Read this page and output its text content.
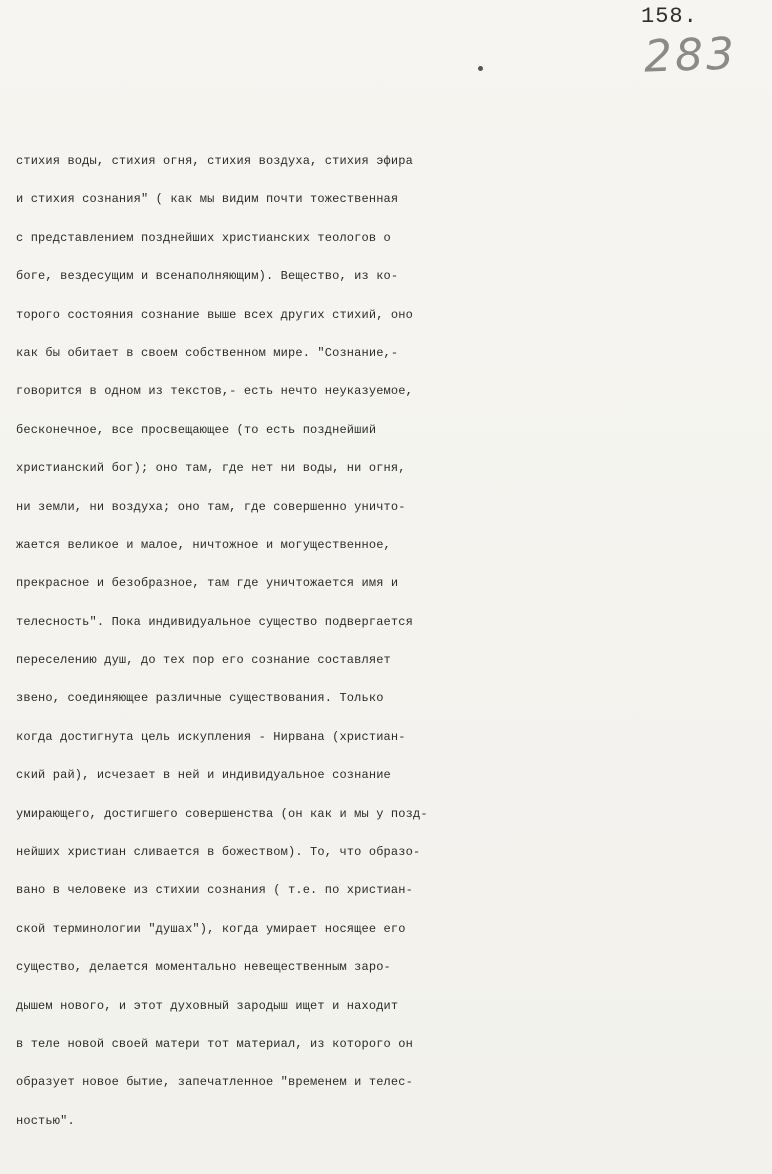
158.
283
стихия воды, стихия огня, стихия воздуха, стихия эфира
и стихия сознания" ( как мы видим почти тожественная
с представлением позднейших христианских теологов о
боге, вездесущим и всенаполняющим). Вещество, из ко-
торого состояния сознание выше всех других стихий, оно
как бы обитает в своем собственном мире. "Сознание,-
говорится в одном из текстов,- есть нечто неуказуемое,
бесконечное, все просвещающее (то есть позднейший
христианский бог); оно там, где нет ни воды, ни огня,
ни земли, ни воздуха; оно там, где совершенно уничто-
жается великое и малое, ничтожное и могущественное,
прекрасное и безобразное, там где уничтожается имя и
телесность". Пока индивидуальное существо подвергается
переселению душ, до тех пор его сознание составляет
звено, соединяющее различные существования. Только
когда достигнута цель искупления - Нирвана (христиан-
ский рай), исчезает в ней и индивидуальное сознание
умирающего, достигшего совершенства (он как и мы у позд-
нейших христиан сливается в божеством). То, что образо-
вано в человеке из стихии сознания ( т.е. по христиан-
ской терминологии "душах"), когда умирает носящее его
существо, делается моментально невещественным заро-
дышем нового, и этот духовный зародыш ищет и находит
в теле новой своей матери тот материал, из которого он
образует новое бытие, запечатленное "временем и телес-
ностью".
